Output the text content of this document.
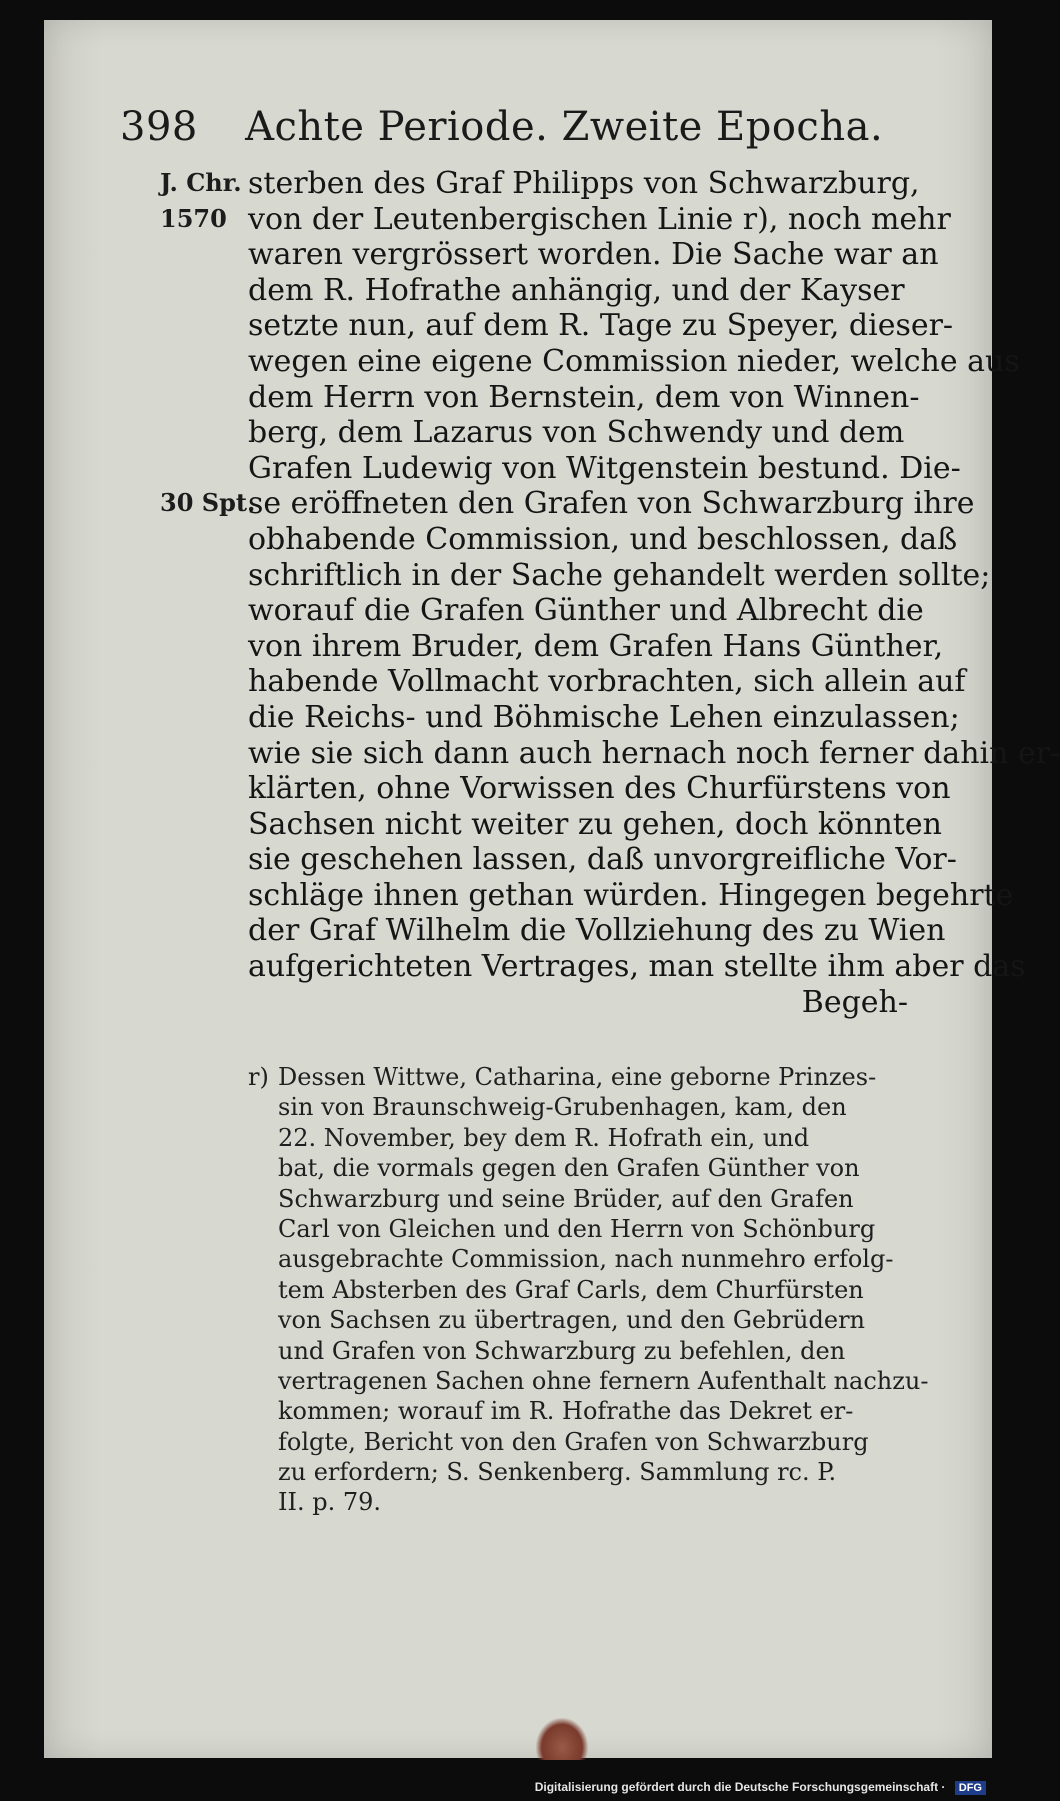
398 Achte Periode. Zweite Epocha.
J. Chr.
1570
30 Spt.
sterben des Graf Philipps von Schwarzburg,
von der Leutenbergischen Linie r), noch mehr
waren vergrössert worden. Die Sache war an
dem R. Hofrathe anhängig, und der Kayser
setzte nun, auf dem R. Tage zu Speyer, dieser-
wegen eine eigene Commission nieder, welche aus
dem Herrn von Bernstein, dem von Winnen-
berg, dem Lazarus von Schwendy und dem
Grafen Ludewig von Witgenstein bestund. Die-
se eröffneten den Grafen von Schwarzburg ihre
obhabende Commission, und beschlossen, daß
schriftlich in der Sache gehandelt werden sollte;
worauf die Grafen Günther und Albrecht die
von ihrem Bruder, dem Grafen Hans Günther,
habende Vollmacht vorbrachten, sich allein auf
die Reichs- und Böhmische Lehen einzulassen;
wie sie sich dann auch hernach noch ferner dahin er-
klärten, ohne Vorwissen des Churfürstens von
Sachsen nicht weiter zu gehen, doch könnten
sie geschehen lassen, daß unvorgreifliche Vor-
schläge ihnen gethan würden. Hingegen begehrte
der Graf Wilhelm die Vollziehung des zu Wien
aufgerichteten Vertrages, man stellte ihm aber das
Begeh-
r) Dessen Wittwe, Catharina, eine geborne Prinzes-
sin von Braunschweig-Grubenhagen, kam, den
22. November, bey dem R. Hofrath ein, und
bat, die vormals gegen den Grafen Günther von
Schwarzburg und seine Brüder, auf den Grafen
Carl von Gleichen und den Herrn von Schönburg
ausgebrachte Commission, nach nunmehro erfolg-
tem Absterben des Graf Carls, dem Churfürsten
von Sachsen zu übertragen, und den Gebrüdern
und Grafen von Schwarzburg zu befehlen, den
vertragenen Sachen ohne fernern Aufenthalt nachzu-
kommen; worauf im R. Hofrathe das Dekret er-
folgte, Bericht von den Grafen von Schwarzburg
zu erfordern; S. Senkenberg. Sammlung rc. P.
II. p. 79.
Digitalisierung gefördert durch die Deutsche Forschungsgemeinschaft · DFG
